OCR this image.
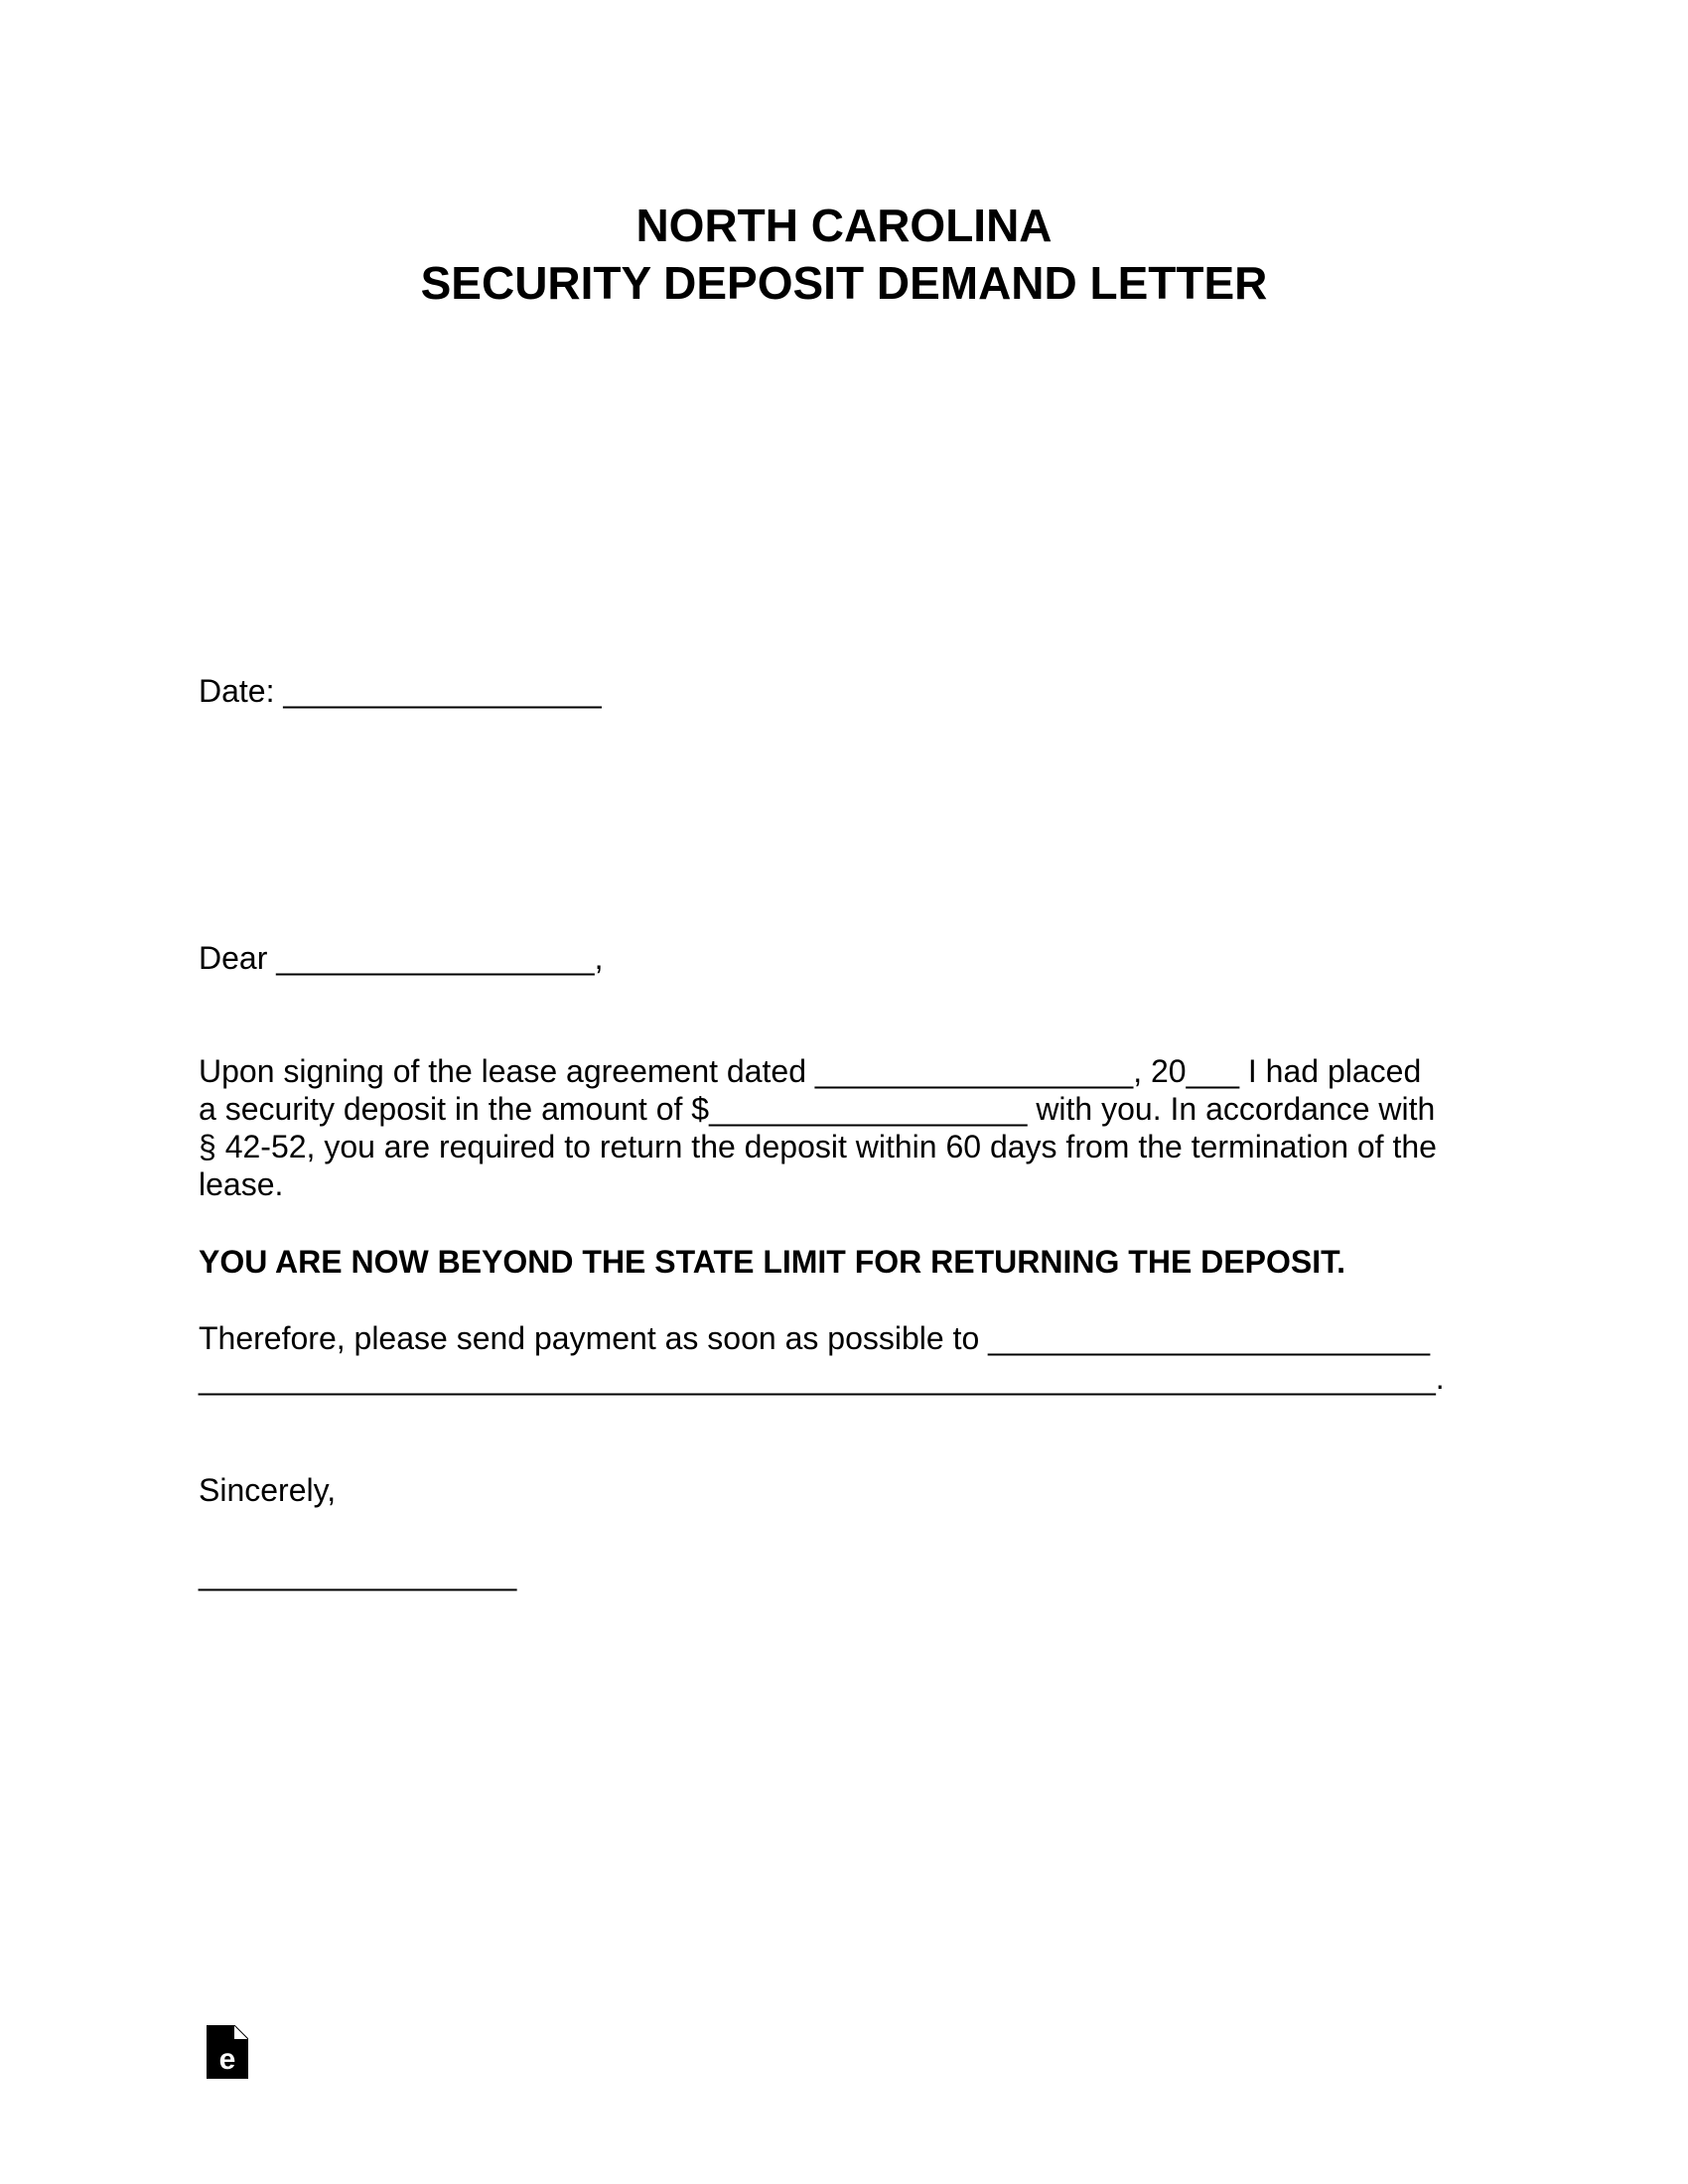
NORTH CAROLINA
SECURITY DEPOSIT DEMAND LETTER

Date: __________________

Dear __________________,

Upon signing of the lease agreement dated __________________, 20___ I had placed

a security deposit in the amount of $__________________ with you. In accordance with

§ 42-52, you are required to return the deposit within 60 days from the termination of the

lease.

YOU ARE NOW BEYOND THE STATE LIMIT FOR RETURNING THE DEPOSIT.

Therefore, please send payment as soon as possible to _________________________

______________________________________________________________________.

Sincerely,

__________________

e
